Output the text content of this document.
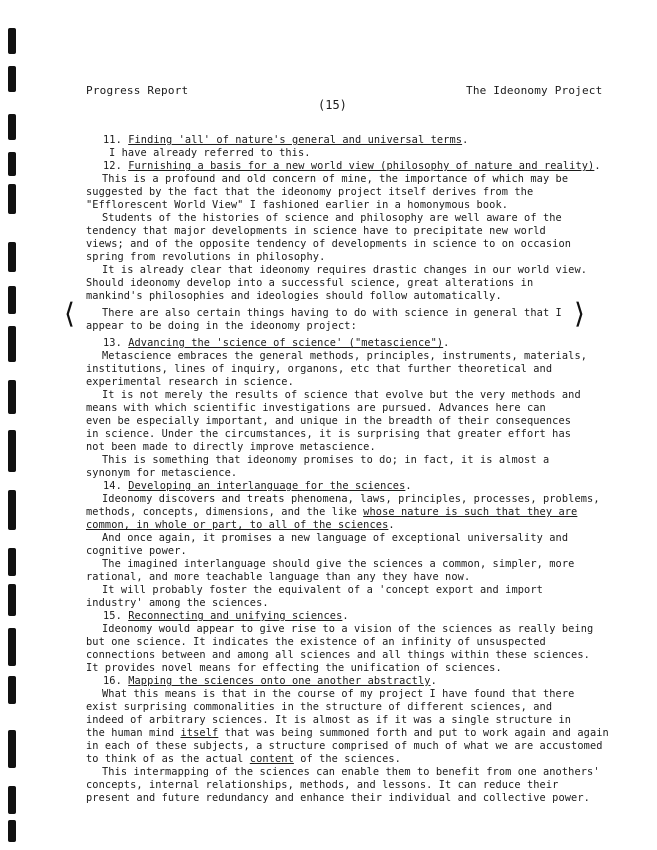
Progress Report	The Ideonomy Project
(15)
11. Finding 'all' of nature's general and universal terms.
I have already referred to this.
12. Furnishing a basis for a new world view (philosophy of nature and reality).
This is a profound and old concern of mine, the importance of which may be
suggested by the fact that the ideonomy project itself derives from the
"Efflorescent World View" I fashioned earlier in a homonymous book.
Students of the histories of science and philosophy are well aware of the
tendency that major developments in science have to precipitate new world
views; and of the opposite tendency of developments in science to on occasion
spring from revolutions in philosophy.
It is already clear that ideonomy requires drastic changes in our world view.
Should ideonomy develop into a successful science, great alterations in
mankind's philosophies and ideologies should follow automatically.
⟨	There are also certain things having to do with science in general that I
appear to be doing in the ideonomy project:	⟩
13. Advancing the 'science of science' ("metascience").
Metascience embraces the general methods, principles, instruments, materials,
institutions, lines of inquiry, organons, etc that further theoretical and
experimental research in science.
It is not merely the results of science that evolve but the very methods and
means with which scientific investigations are pursued. Advances here can
even be especially important, and unique in the breadth of their consequences
in science. Under the circumstances, it is surprising that greater effort has
not been made to directly improve metascience.
This is something that ideonomy promises to do; in fact, it is almost a
synonym for metascience.
14. Developing an interlanguage for the sciences.
Ideonomy discovers and treats phenomena, laws, principles, processes, problems,
methods, concepts, dimensions, and the like whose nature is such that they are
common, in whole or part, to all of the sciences.
And once again, it promises a new language of exceptional universality and
cognitive power.
The imagined interlanguage should give the sciences a common, simpler, more
rational, and more teachable language than any they have now.
It will probably foster the equivalent of a 'concept export and import
industry' among the sciences.
15. Reconnecting and unifying sciences.
Ideonomy would appear to give rise to a vision of the sciences as really being
but one science. It indicates the existence of an infinity of unsuspected
connections between and among all sciences and all things within these sciences.
It provides novel means for effecting the unification of sciences.
16. Mapping the sciences onto one another abstractly.
What this means is that in the course of my project I have found that there
exist surprising commonalities in the structure of different sciences, and
indeed of arbitrary sciences. It is almost as if it was a single structure in
the human mind itself that was being summoned forth and put to work again and again
in each of these subjects, a structure comprised of much of what we are accustomed
to think of as the actual content of the sciences.
This intermapping of the sciences can enable them to benefit from one anothers'
concepts, internal relationships, methods, and lessons. It can reduce their
present and future redundancy and enhance their individual and collective power.
